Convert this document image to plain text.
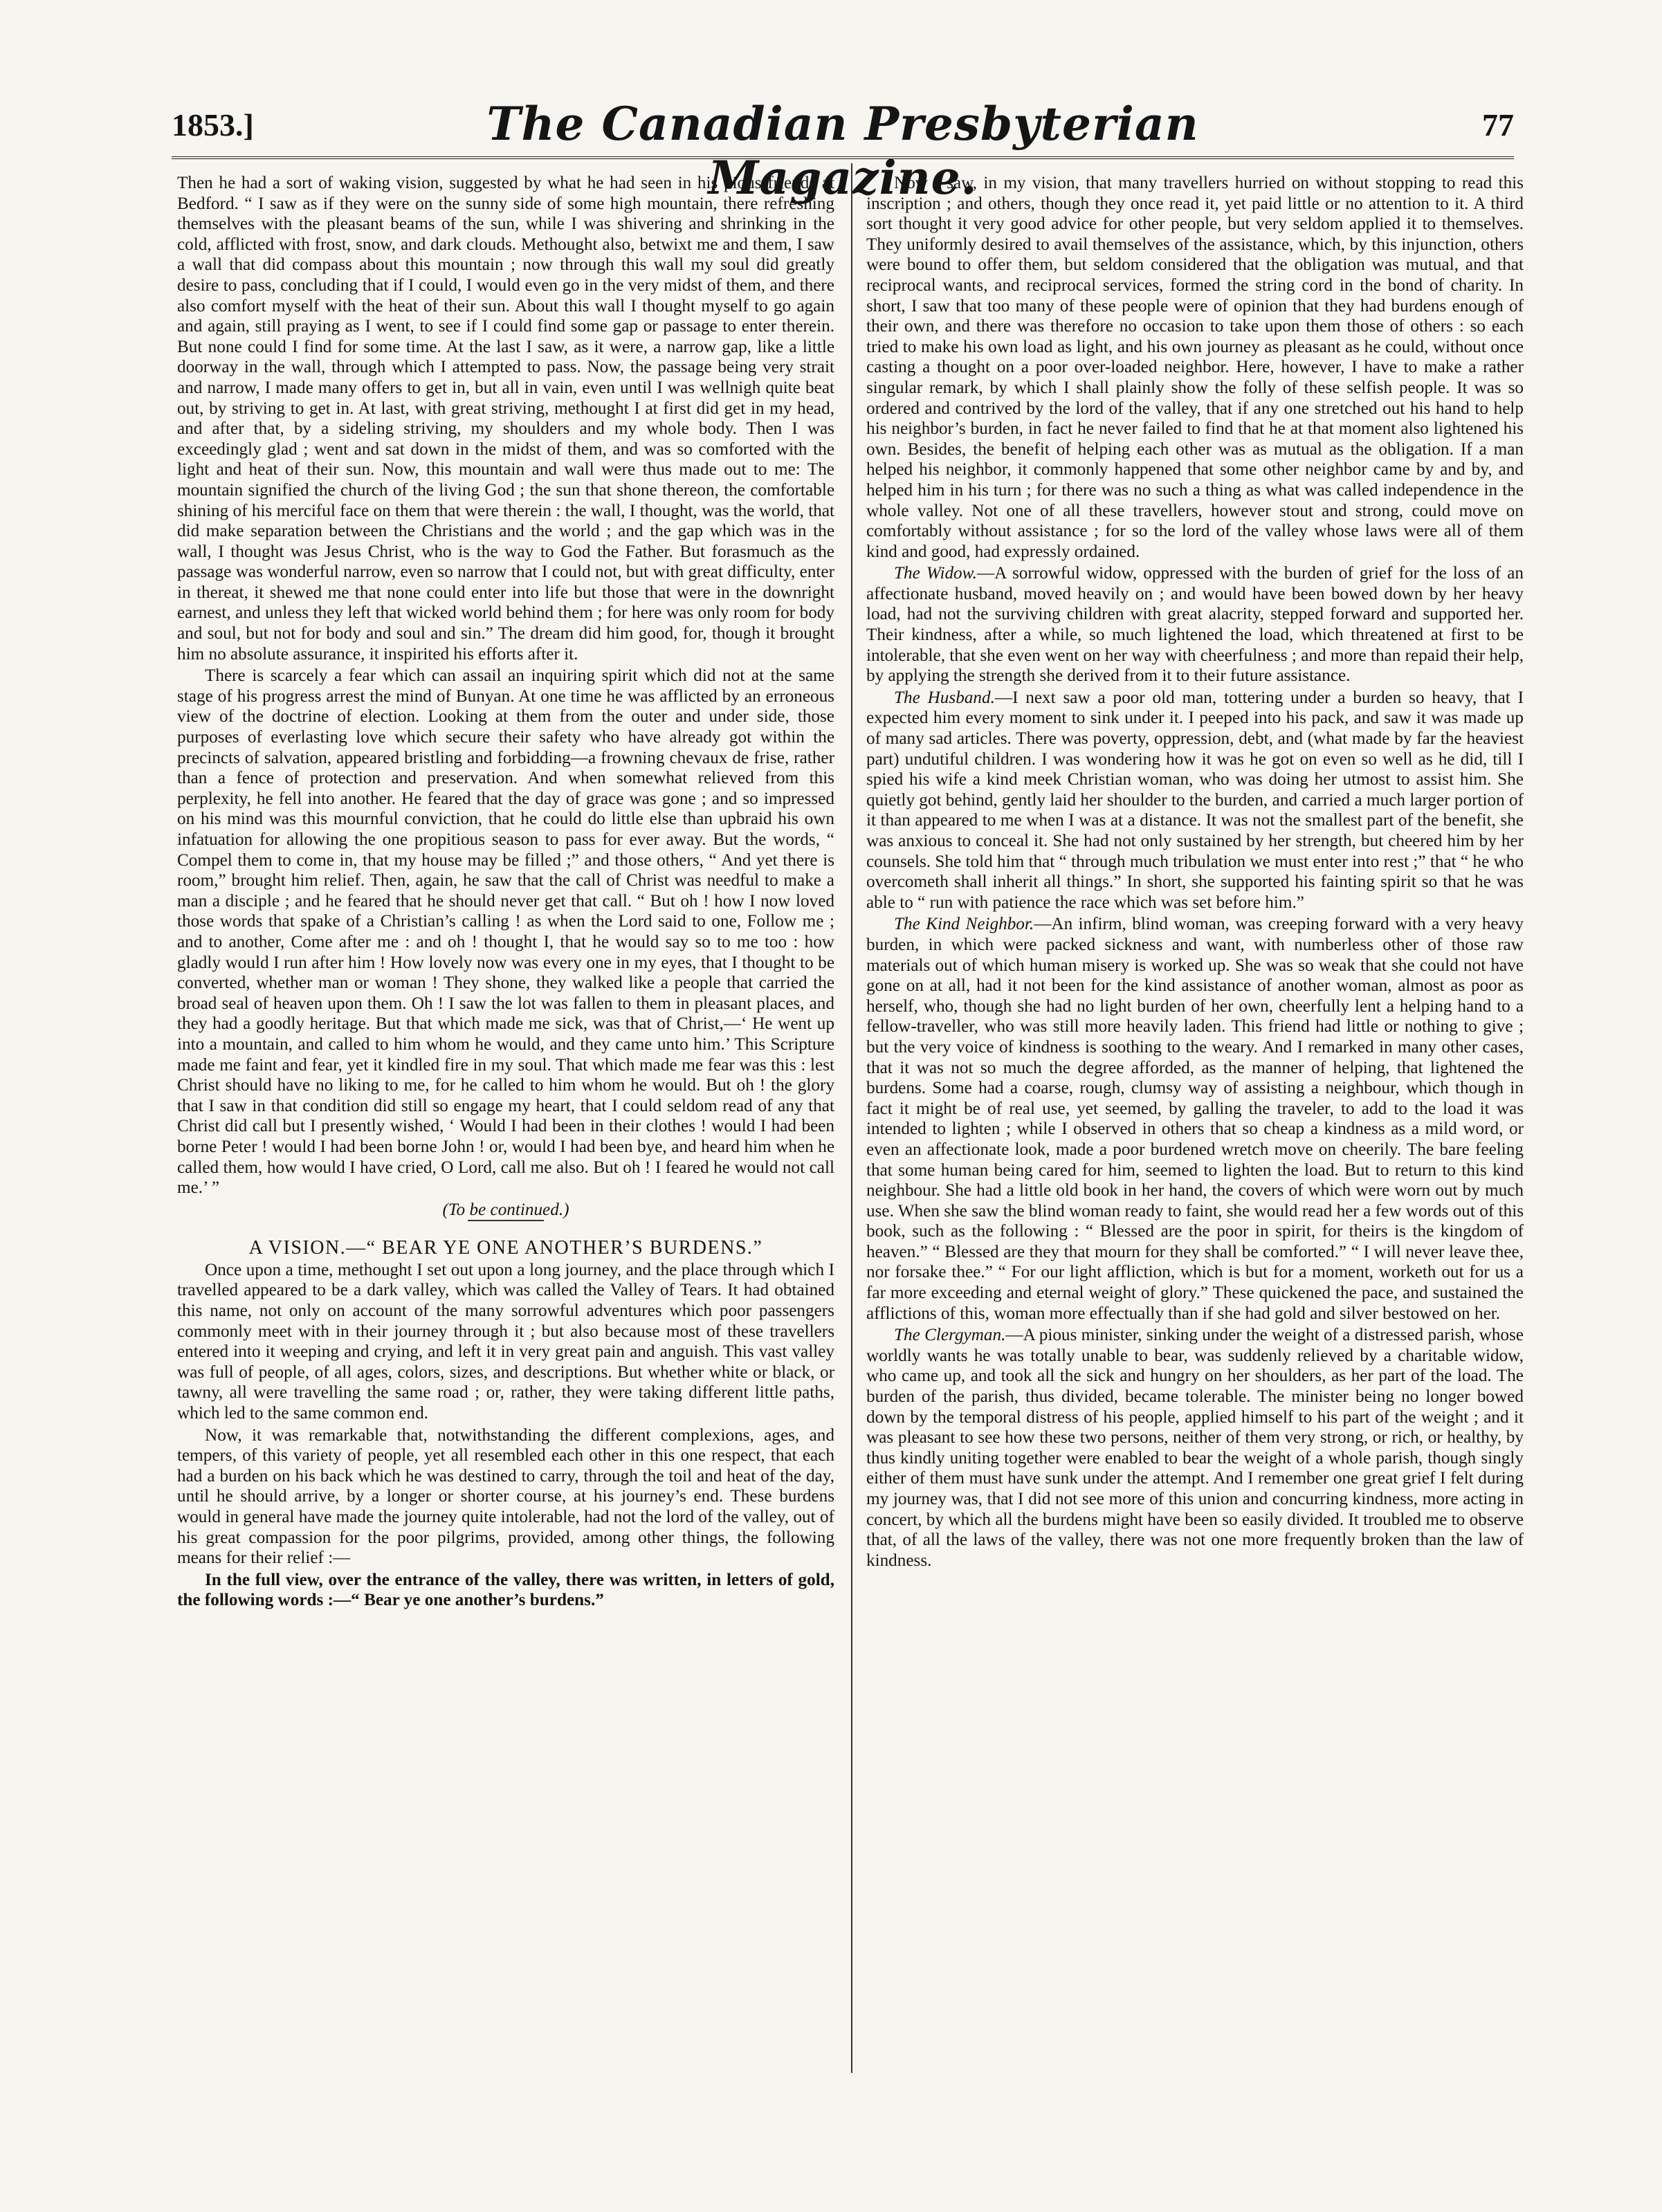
1853.]	The Canadian Presbyterian Magazine.
77

Then he had a sort of waking vision, suggested by what he had seen in his pious friends at Bedford. “ I saw as if they were on the sunny side of some high mountain, there refreshing themselves with the pleasant beams of the sun, while I was shivering and shrinking in the cold, afflicted with frost, snow, and dark clouds. Methought also, betwixt me and them, I saw a wall that did compass about this mountain ; now through this wall my soul did greatly desire to pass, concluding that if I could, I would even go in the very midst of them, and there also comfort myself with the heat of their sun. About this wall I thought myself to go again and again, still praying as I went, to see if I could find some gap or passage to enter therein. But none could I find for some time. At the last I saw, as it were, a narrow gap, like a little doorway in the wall, through which I attempted to pass. Now, the passage being very strait and narrow, I made many offers to get in, but all in vain, even until I was wellnigh quite beat out, by striving to get in. At last, with great striving, methought I at first did get in my head, and after that, by a sideling striving, my shoulders and my whole body. Then I was exceedingly glad ; went and sat down in the midst of them, and was so comforted with the light and heat of their sun. Now, this mountain and wall were thus made out to me: The mountain signified the church of the living God ; the sun that shone thereon, the comfortable shining of his merciful face on them that were therein : the wall, I thought, was the world, that did make separation between the Christians and the world ; and the gap which was in the wall, I thought was Jesus Christ, who is the way to God the Father. But forasmuch as the passage was wonderful narrow, even so narrow that I could not, but with great difficulty, enter in thereat, it shewed me that none could enter into life but those that were in the downright earnest, and unless they left that wicked world behind them ; for here was only room for body and soul, but not for body and soul and sin.” The dream did him good, for, though it brought him no absolute assurance, it inspirited his efforts after it.

There is scarcely a fear which can assail an inquiring spirit which did not at the same stage of his progress arrest the mind of Bunyan. At one time he was afflicted by an erroneous view of the doctrine of election. Looking at them from the outer and under side, those purposes of everlasting love which secure their safety who have already got within the precincts of salvation, appeared bristling and forbidding—a frowning chevaux de frise, rather than a fence of protection and preservation. And when somewhat relieved from this perplexity, he fell into another. He feared that the day of grace was gone ; and so impressed on his mind was this mournful conviction, that he could do little else than upbraid his own infatuation for allowing the one propitious season to pass for ever away. But the words, “ Compel them to come in, that my house may be filled ;” and those others, “ And yet there is room,” brought him relief. Then, again, he saw that the call of Christ was needful to make a man a disciple ; and he feared that he should never get that call. “ But oh ! how I now loved those words that spake of a Christian’s calling ! as when the Lord said to one, Follow me ; and to another, Come after me : and oh ! thought I, that he would say so to me too : how gladly would I run after him ! How lovely now was every one in my eyes, that I thought to be converted, whether man or woman ! They shone, they walked like a people that carried the broad seal of heaven upon them. Oh ! I saw the lot was fallen to them in pleasant places, and they had a goodly heritage. But that which made me sick, was that of Christ,—‘ He went up into a mountain, and called to him whom he would, and they came unto him.’ This Scripture made me faint and fear, yet it kindled fire in my soul. That which made me fear was this : lest Christ should have no liking to me, for he called to him whom he would. But oh ! the glory that I saw in that condition did still so engage my heart, that I could seldom read of any that Christ did call but I presently wished, ‘ Would I had been in their clothes ! would I had been borne Peter ! would I had been borne John ! or, would I had been bye, and heard him when he called them, how would I have cried, O Lord, call me also. But oh ! I feared he would not call me.’ ”

(To be continued.)

A VISION.—“ BEAR YE ONE ANOTHER’S BURDENS.”

Once upon a time, methought I set out upon a long journey, and the place through which I travelled appeared to be a dark valley, which was called the Valley of Tears. It had obtained this name, not only on account of the many sorrowful adventures which poor passengers commonly meet with in their journey through it ; but also because most of these travellers entered into it weeping and crying, and left it in very great pain and anguish. This vast valley was full of people, of all ages, colors, sizes, and descriptions. But whether white or black, or tawny, all were travelling the same road ; or, rather, they were taking different little paths, which led to the same common end.

Now, it was remarkable that, notwithstanding the different complexions, ages, and tempers, of this variety of people, yet all resembled each other in this one respect, that each had a burden on his back which he was destined to carry, through the toil and heat of the day, until he should arrive, by a longer or shorter course, at his journey’s end. These burdens would in general have made the journey quite intolerable, had not the lord of the valley, out of his great compassion for the poor pilgrims, provided, among other things, the following means for their relief :—

In the full view, over the entrance of the valley, there was written, in letters of gold, the following words :—“ Bear ye one another’s burdens.”

Now I saw, in my vision, that many travellers hurried on without stopping to read this inscription ; and others, though they once read it, yet paid little or no attention to it. A third sort thought it very good advice for other people, but very seldom applied it to themselves. They uniformly desired to avail themselves of the assistance, which, by this injunction, others were bound to offer them, but seldom considered that the obligation was mutual, and that reciprocal wants, and reciprocal services, formed the string cord in the bond of charity. In short, I saw that too many of these people were of opinion that they had burdens enough of their own, and there was therefore no occasion to take upon them those of others : so each tried to make his own load as light, and his own journey as pleasant as he could, without once casting a thought on a poor over-loaded neighbor. Here, however, I have to make a rather singular remark, by which I shall plainly show the folly of these selfish people. It was so ordered and contrived by the lord of the valley, that if any one stretched out his hand to help his neighbor’s burden, in fact he never failed to find that he at that moment also lightened his own. Besides, the benefit of helping each other was as mutual as the obligation. If a man helped his neighbor, it commonly happened that some other neighbor came by and by, and helped him in his turn ; for there was no such a thing as what was called independence in the whole valley. Not one of all these travellers, however stout and strong, could move on comfortably without assistance ; for so the lord of the valley whose laws were all of them kind and good, had expressly ordained.

The Widow.—A sorrowful widow, oppressed with the burden of grief for the loss of an affectionate husband, moved heavily on ; and would have been bowed down by her heavy load, had not the surviving children with great alacrity, stepped forward and supported her. Their kindness, after a while, so much lightened the load, which threatened at first to be intolerable, that she even went on her way with cheerfulness ; and more than repaid their help, by applying the strength she derived from it to their future assistance.

The Husband.—I next saw a poor old man, tottering under a burden so heavy, that I expected him every moment to sink under it. I peeped into his pack, and saw it was made up of many sad articles. There was poverty, oppression, debt, and (what made by far the heaviest part) undutiful children. I was wondering how it was he got on even so well as he did, till I spied his wife a kind meek Christian woman, who was doing her utmost to assist him. She quietly got behind, gently laid her shoulder to the burden, and carried a much larger portion of it than appeared to me when I was at a distance. It was not the smallest part of the benefit, she was anxious to conceal it. She had not only sustained by her strength, but cheered him by her counsels. She told him that “ through much tribulation we must enter into rest ;” that “ he who overcometh shall inherit all things.” In short, she supported his fainting spirit so that he was able to “ run with patience the race which was set before him.”

The Kind Neighbor.—An infirm, blind woman, was creeping forward with a very heavy burden, in which were packed sickness and want, with numberless other of those raw materials out of which human misery is worked up. She was so weak that she could not have gone on at all, had it not been for the kind assistance of another woman, almost as poor as herself, who, though she had no light burden of her own, cheerfully lent a helping hand to a fellow-traveller, who was still more heavily laden. This friend had little or nothing to give ; but the very voice of kindness is soothing to the weary. And I remarked in many other cases, that it was not so much the degree afforded, as the manner of helping, that lightened the burdens. Some had a coarse, rough, clumsy way of assisting a neighbour, which though in fact it might be of real use, yet seemed, by galling the traveler, to add to the load it was intended to lighten ; while I observed in others that so cheap a kindness as a mild word, or even an affectionate look, made a poor burdened wretch move on cheerily. The bare feeling that some human being cared for him, seemed to lighten the load. But to return to this kind neighbour. She had a little old book in her hand, the covers of which were worn out by much use. When she saw the blind woman ready to faint, she would read her a few words out of this book, such as the following : “ Blessed are the poor in spirit, for theirs is the kingdom of heaven.” “ Blessed are they that mourn for they shall be comforted.” “ I will never leave thee, nor forsake thee.” “ For our light affliction, which is but for a moment, worketh out for us a far more exceeding and eternal weight of glory.” These quickened the pace, and sustained the afflictions of this, woman more effectually than if she had gold and silver bestowed on her.

The Clergyman.—A pious minister, sinking under the weight of a distressed parish, whose worldly wants he was totally unable to bear, was suddenly relieved by a charitable widow, who came up, and took all the sick and hungry on her shoulders, as her part of the load. The burden of the parish, thus divided, became tolerable. The minister being no longer bowed down by the temporal distress of his people, applied himself to his part of the weight ; and it was pleasant to see how these two persons, neither of them very strong, or rich, or healthy, by thus kindly uniting together were enabled to bear the weight of a whole parish, though singly either of them must have sunk under the attempt. And I remember one great grief I felt during my journey was, that I did not see more of this union and concurring kindness, more acting in concert, by which all the burdens might have been so easily divided. It troubled me to observe that, of all the laws of the valley, there was not one more frequently broken than the law of kindness.
